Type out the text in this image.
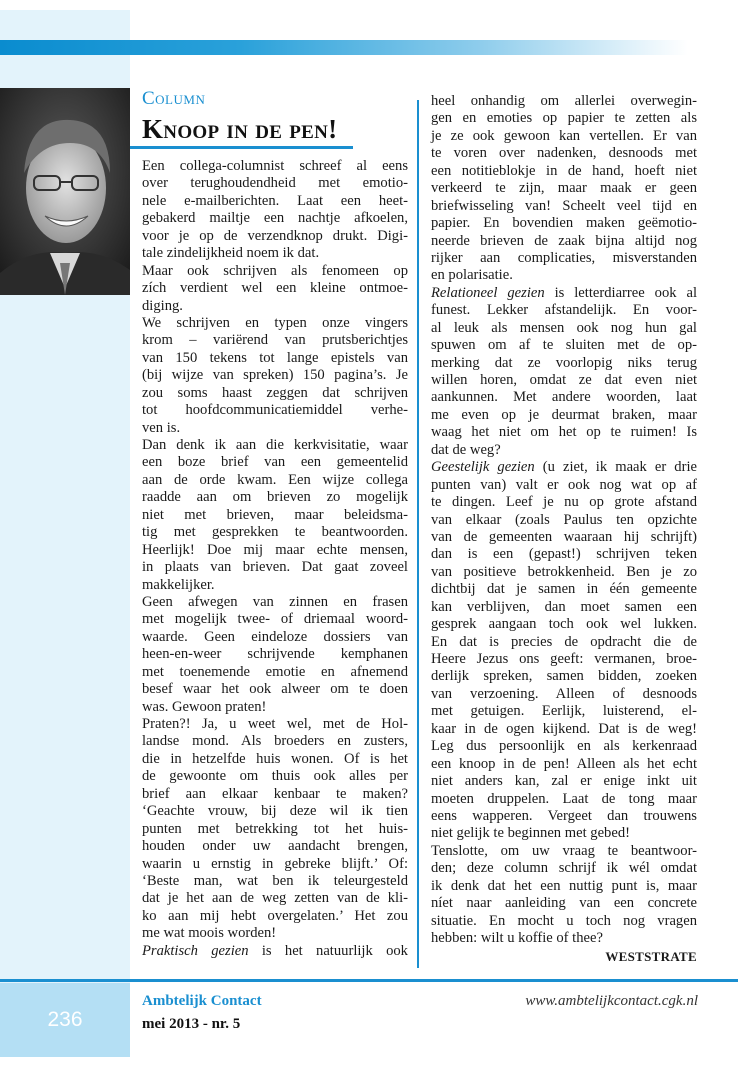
Column
Knoop in de pen!
Een collega-columnist schreef al eens
over terughoudendheid met emotio-
nele e-mailberichten. Laat een heet-
gebakerd mailtje een nachtje afkoelen,
voor je op de verzendknop drukt. Digi-
tale zindelijkheid noem ik dat.
Maar ook schrijven als fenomeen op
zích verdient wel een kleine ontmoe-
diging.
We schrijven en typen onze vingers
krom – variërend van prutsberichtjes
van 150 tekens tot lange epistels van
(bij wijze van spreken) 150 pagina’s. Je
zou soms haast zeggen dat schrijven
tot hoofdcommunicatiemiddel verhe-
ven is.
Dan denk ik aan die kerkvisitatie, waar
een boze brief van een gemeentelid
aan de orde kwam. Een wijze collega
raadde aan om brieven zo mogelijk
niet met brieven, maar beleidsma-
tig met gesprekken te beantwoorden.
Heerlijk! Doe mij maar echte mensen,
in plaats van brieven. Dat gaat zoveel
makkelijker.
Geen afwegen van zinnen en frasen
met mogelijk twee- of driemaal woord-
waarde. Geen eindeloze dossiers van
heen-en-weer schrijvende kemphanen
met toenemende emotie en afnemend
besef waar het ook alweer om te doen
was. Gewoon praten!
Praten?! Ja, u weet wel, met de Hol-
landse mond. Als broeders en zusters,
die in hetzelfde huis wonen. Of is het
de gewoonte om thuis ook alles per
brief aan elkaar kenbaar te maken?
‘Geachte vrouw, bij deze wil ik tien
punten met betrekking tot het huis-
houden onder uw aandacht brengen,
waarin u ernstig in gebreke blijft.’ Of:
‘Beste man, wat ben ik teleurgesteld
dat je het aan de weg zetten van de kli-
ko aan mij hebt overgelaten.’ Het zou
me wat moois worden!
Praktisch gezien is het natuurlijk ook
heel onhandig om allerlei overwegin-
gen en emoties op papier te zetten als
je ze ook gewoon kan vertellen. Er van
te voren over nadenken, desnoods met
een notitieblokje in de hand, hoeft niet
verkeerd te zijn, maar maak er geen
briefwisseling van! Scheelt veel tijd en
papier. En bovendien maken geëmotio-
neerde brieven de zaak bijna altijd nog
rijker aan complicaties, misverstanden
en polarisatie.
Relationeel gezien is letterdiarree ook al
funest. Lekker afstandelijk. En voor-
al leuk als mensen ook nog hun gal
spuwen om af te sluiten met de op-
merking dat ze voorlopig niks terug
willen horen, omdat ze dat even niet
aankunnen. Met andere woorden, laat
me even op je deurmat braken, maar
waag het niet om het op te ruimen! Is
dat de weg?
Geestelijk gezien (u ziet, ik maak er drie
punten van) valt er ook nog wat op af
te dingen. Leef je nu op grote afstand
van elkaar (zoals Paulus ten opzichte
van de gemeenten waaraan hij schrijft)
dan is een (gepast!) schrijven teken
van positieve betrokkenheid. Ben je zo
dichtbij dat je samen in één gemeente
kan verblijven, dan moet samen een
gesprek aangaan toch ook wel lukken.
En dat is precies de opdracht die de
Heere Jezus ons geeft: vermanen, broe-
derlijk spreken, samen bidden, zoeken
van verzoening. Alleen of desnoods
met getuigen. Eerlijk, luisterend, el-
kaar in de ogen kijkend. Dat is de weg!
Leg dus persoonlijk en als kerkenraad
een knoop in de pen! Alleen als het echt
niet anders kan, zal er enige inkt uit
moeten druppelen. Laat de tong maar
eens wapperen. Vergeet dan trouwens
niet gelijk te beginnen met gebed!
Tenslotte, om uw vraag te beantwoor-
den; deze column schrijf ik wél omdat
ik denk dat het een nuttig punt is, maar
níet naar aanleiding van een concrete
situatie. En mocht u toch nog vragen
hebben: wilt u koffie of thee?
WESTSTRATE
236
Ambtelijk Contact
mei 2013 - nr. 5
www.ambtelijkcontact.cgk.nl
